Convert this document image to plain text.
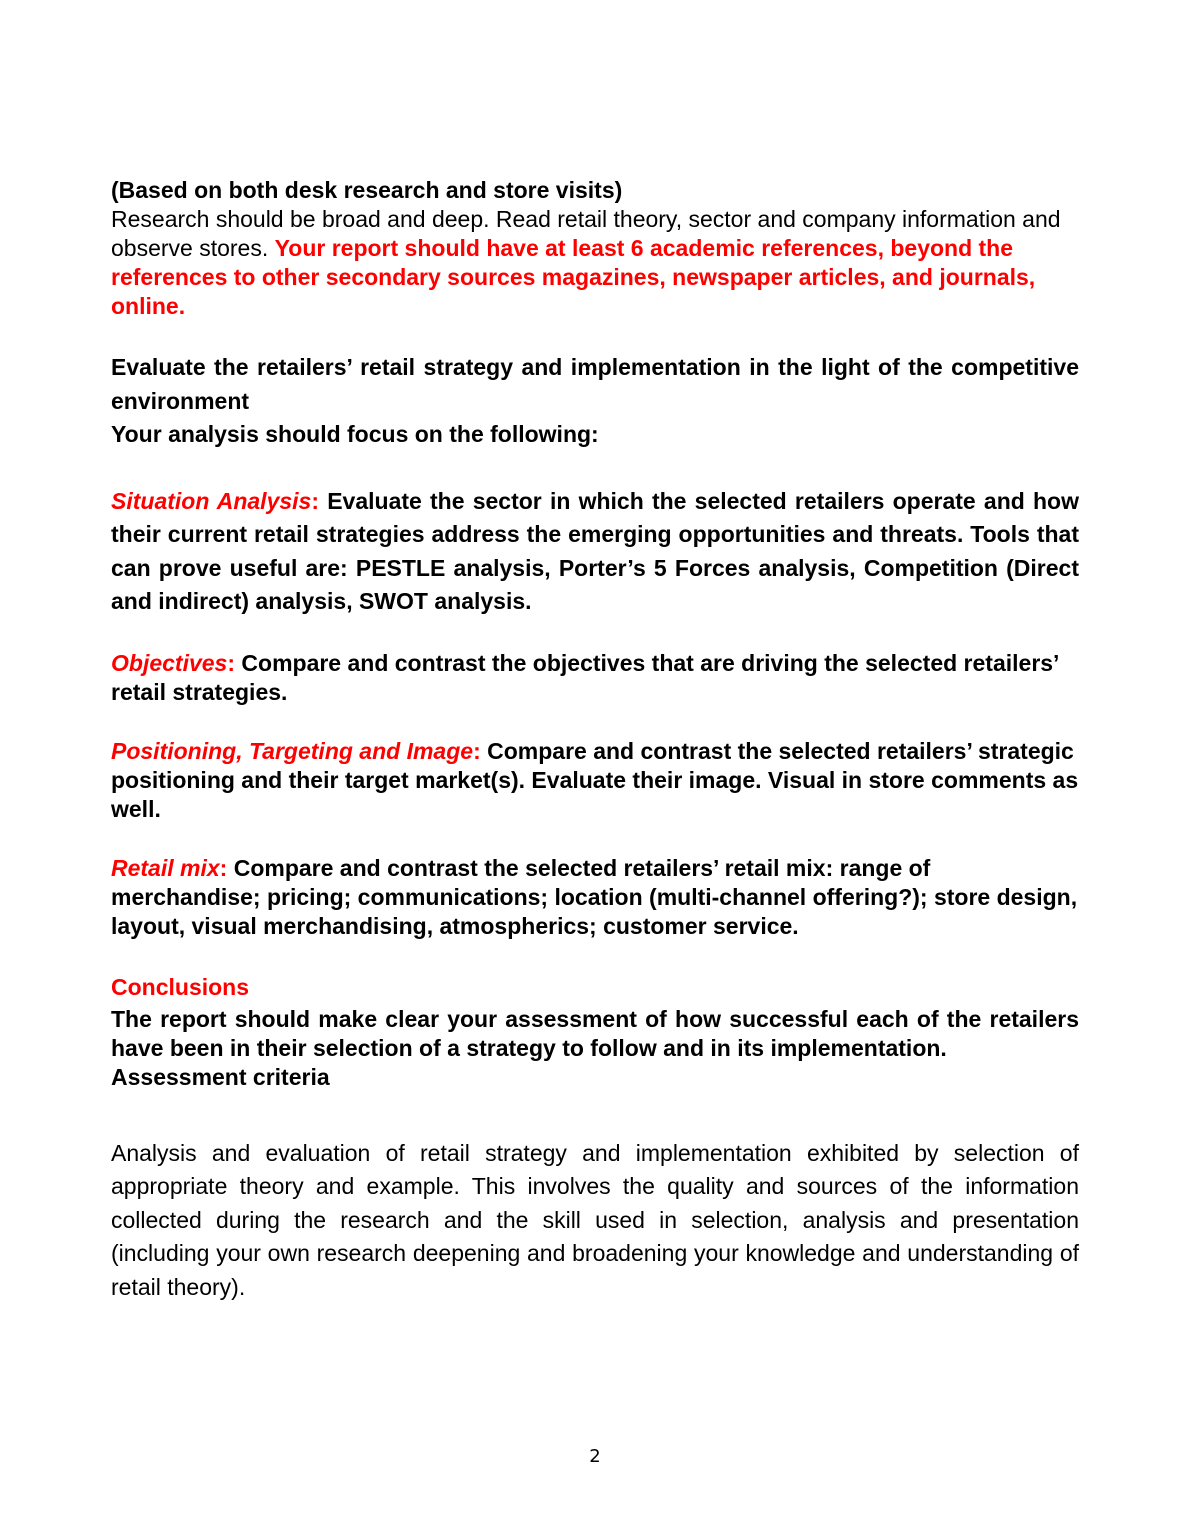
(Based on both desk research and store visits)
Research should be broad and deep. Read retail theory, sector and company information and observe stores. Your report should have at least 6 academic references, beyond the references to other secondary sources magazines, newspaper articles, and journals, online.

Evaluate the retailers’ retail strategy and implementation in the light of the competitive environment

Your analysis should focus on the following:

Situation Analysis: Evaluate the sector in which the selected retailers operate and how their current retail strategies address the emerging opportunities and threats. Tools that can prove useful are: PESTLE analysis, Porter’s 5 Forces analysis, Competition (Direct and indirect) analysis, SWOT analysis.

Objectives: Compare and contrast the objectives that are driving the selected retailers’ retail strategies.

Positioning, Targeting and Image: Compare and contrast the selected retailers’ strategic positioning and their target market(s). Evaluate their image. Visual in store comments as well.

Retail mix: Compare and contrast the selected retailers’ retail mix: range of merchandise; pricing; communications; location (multi-channel offering?); store design, layout, visual merchandising, atmospherics; customer service.

Conclusions

The report should make clear your assessment of how successful each of the retailers have been in their selection of a strategy to follow and in its implementation.

Assessment criteria

Analysis and evaluation of retail strategy and implementation exhibited by selection of appropriate theory and example. This involves the quality and sources of the information collected during the research and the skill used in selection, analysis and presentation (including your own research deepening and broadening your knowledge and understanding of retail theory).

2
